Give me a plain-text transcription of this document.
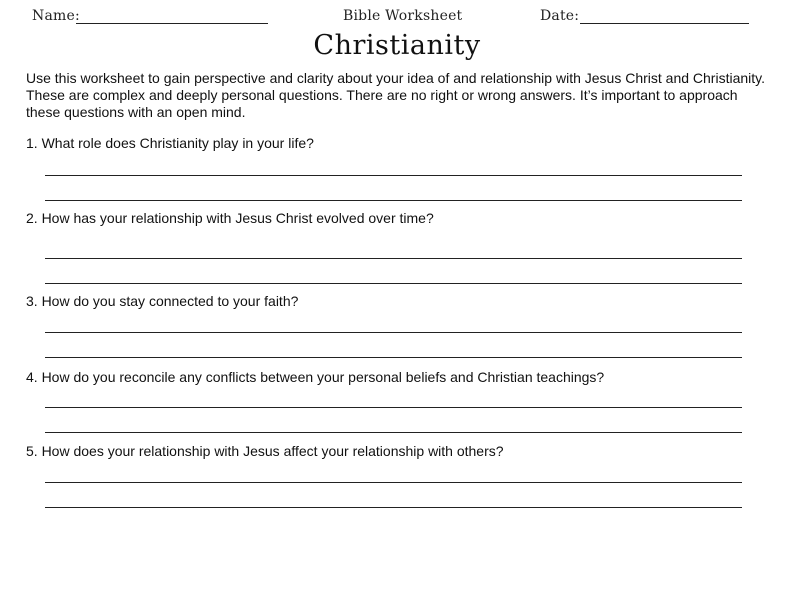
Name:	Bible Worksheet	Date:
Christianity
Use this worksheet to gain perspective and clarity about your idea of and relationship with Jesus Christ and Christianity. These are complex and deeply personal questions. There are no right or wrong answers. It’s important to approach these questions with an open mind.
1. What role does Christianity play in your life?
2. How has your relationship with Jesus Christ evolved over time?
3. How do you stay connected to your faith?
4. How do you reconcile any conflicts between your personal beliefs and Christian teachings?
5. How does your relationship with Jesus affect your relationship with others?
